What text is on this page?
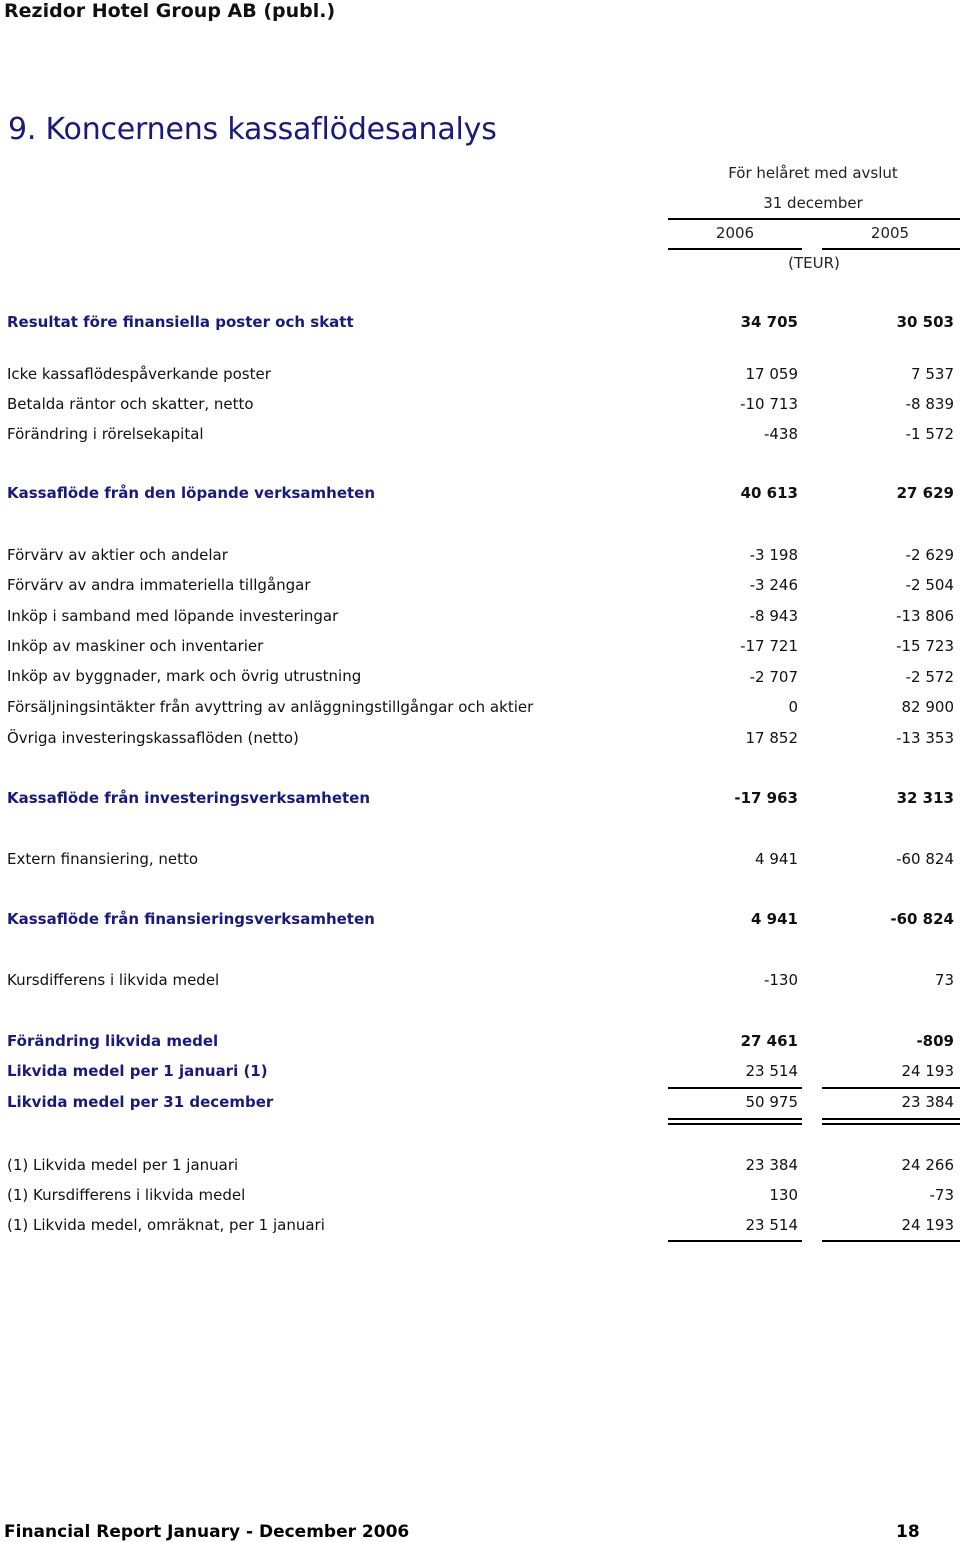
Rezidor Hotel Group AB (publ.)
9. Koncernens kassaflödesanalys
För helåret med avslut
31 december
2006	2005
(TEUR)
Resultat före finansiella poster och skatt	34 705	30 503
Icke kassaflödespåverkande poster	17 059	7 537
Betalda räntor och skatter, netto	-10 713	-8 839
Förändring i rörelsekapital	-438	-1 572
Kassaflöde från den löpande verksamheten	40 613	27 629
Förvärv av aktier och andelar	-3 198	-2 629
Förvärv av andra immateriella tillgångar	-3 246	-2 504
Inköp i samband med löpande investeringar	-8 943	-13 806
Inköp av maskiner och inventarier	-17 721	-15 723
Inköp av byggnader, mark och övrig utrustning	-2 707	-2 572
Försäljningsintäkter från avyttring av anläggningstillgångar och aktier	0	82 900
Övriga investeringskassaflöden (netto)	17 852	-13 353
Kassaflöde från investeringsverksamheten	-17 963	32 313
Extern finansiering, netto	4 941	-60 824
Kassaflöde från finansieringsverksamheten	4 941	-60 824
Kursdifferens i likvida medel	-130	73
Förändring likvida medel	27 461	-809
Likvida medel per 1 januari (1)	23 514	24 193
Likvida medel per 31 december	50 975	23 384
(1) Likvida medel per 1 januari	23 384	24 266
(1) Kursdifferens i likvida medel	130	-73
(1) Likvida medel, omräknat, per 1 januari	23 514	24 193
Financial Report January - December 2006	18
